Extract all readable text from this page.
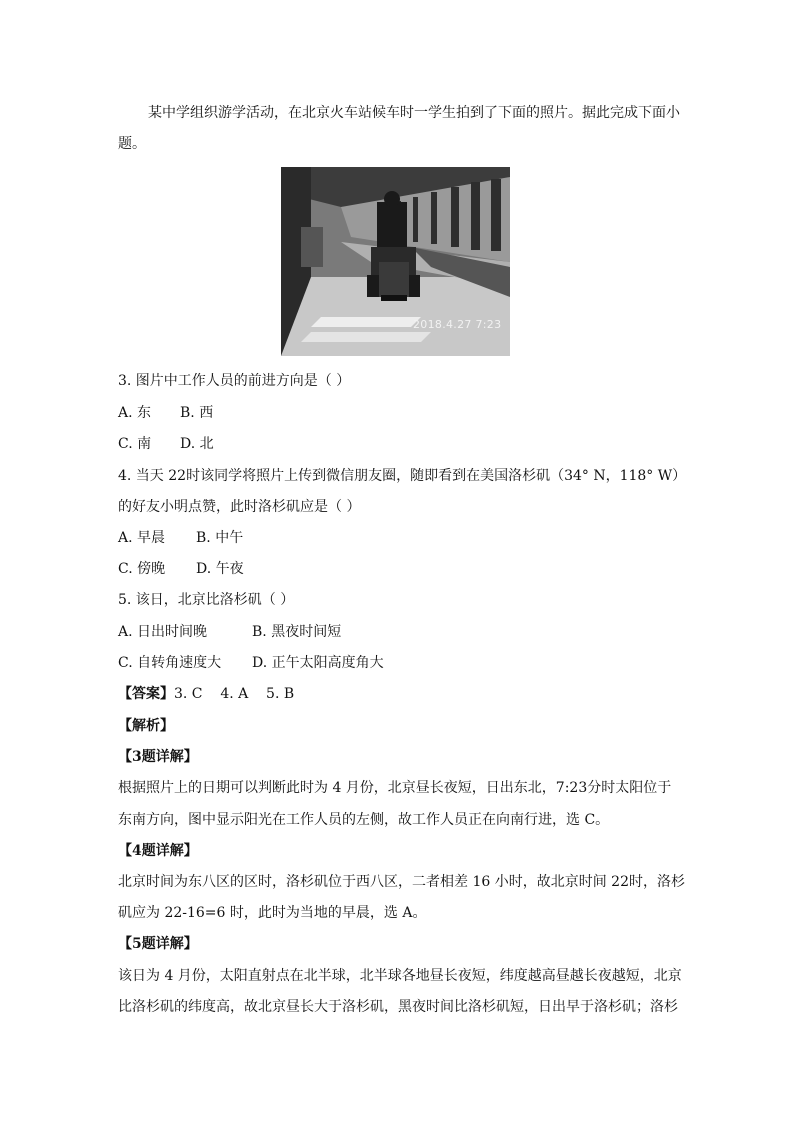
某中学组织游学活动，在北京火车站候车时一学生拍到了下面的照片。据此完成下面小
题。
2018.4.27 7:23
3. 图片中工作人员的前进方向是（ ）
A. 东 B. 西
C. 南 D. 北
4. 当天 22时该同学将照片上传到微信朋友圈，随即看到在美国洛杉矶（34° N，118° W）
的好友小明点赞，此时洛杉矶应是（ ）
A. 早晨 B. 中午
C. 傍晚 D. 午夜
5. 该日，北京比洛杉矶（ ）
A. 日出时间晚	B. 黑夜时间短
C. 自转角速度大 D. 正午太阳高度角大
【答案】3. C    4. A    5. B
【解析】
【3题详解】
根据照片上的日期可以判断此时为 4 月份，北京昼长夜短，日出东北，7:23分时太阳位于
东南方向，图中显示阳光在工作人员的左侧，故工作人员正在向南行进，选 C。
【4题详解】
北京时间为东八区的区时，洛杉矶位于西八区，二者相差 16 小时，故北京时间 22时，洛杉
矶应为 22-16=6 时，此时为当地的早晨，选 A。
【5题详解】
该日为 4 月份，太阳直射点在北半球，北半球各地昼长夜短，纬度越高昼越长夜越短，北京
比洛杉矶的纬度高，故北京昼长大于洛杉矶，黑夜时间比洛杉矶短，日出早于洛杉矶；洛杉
